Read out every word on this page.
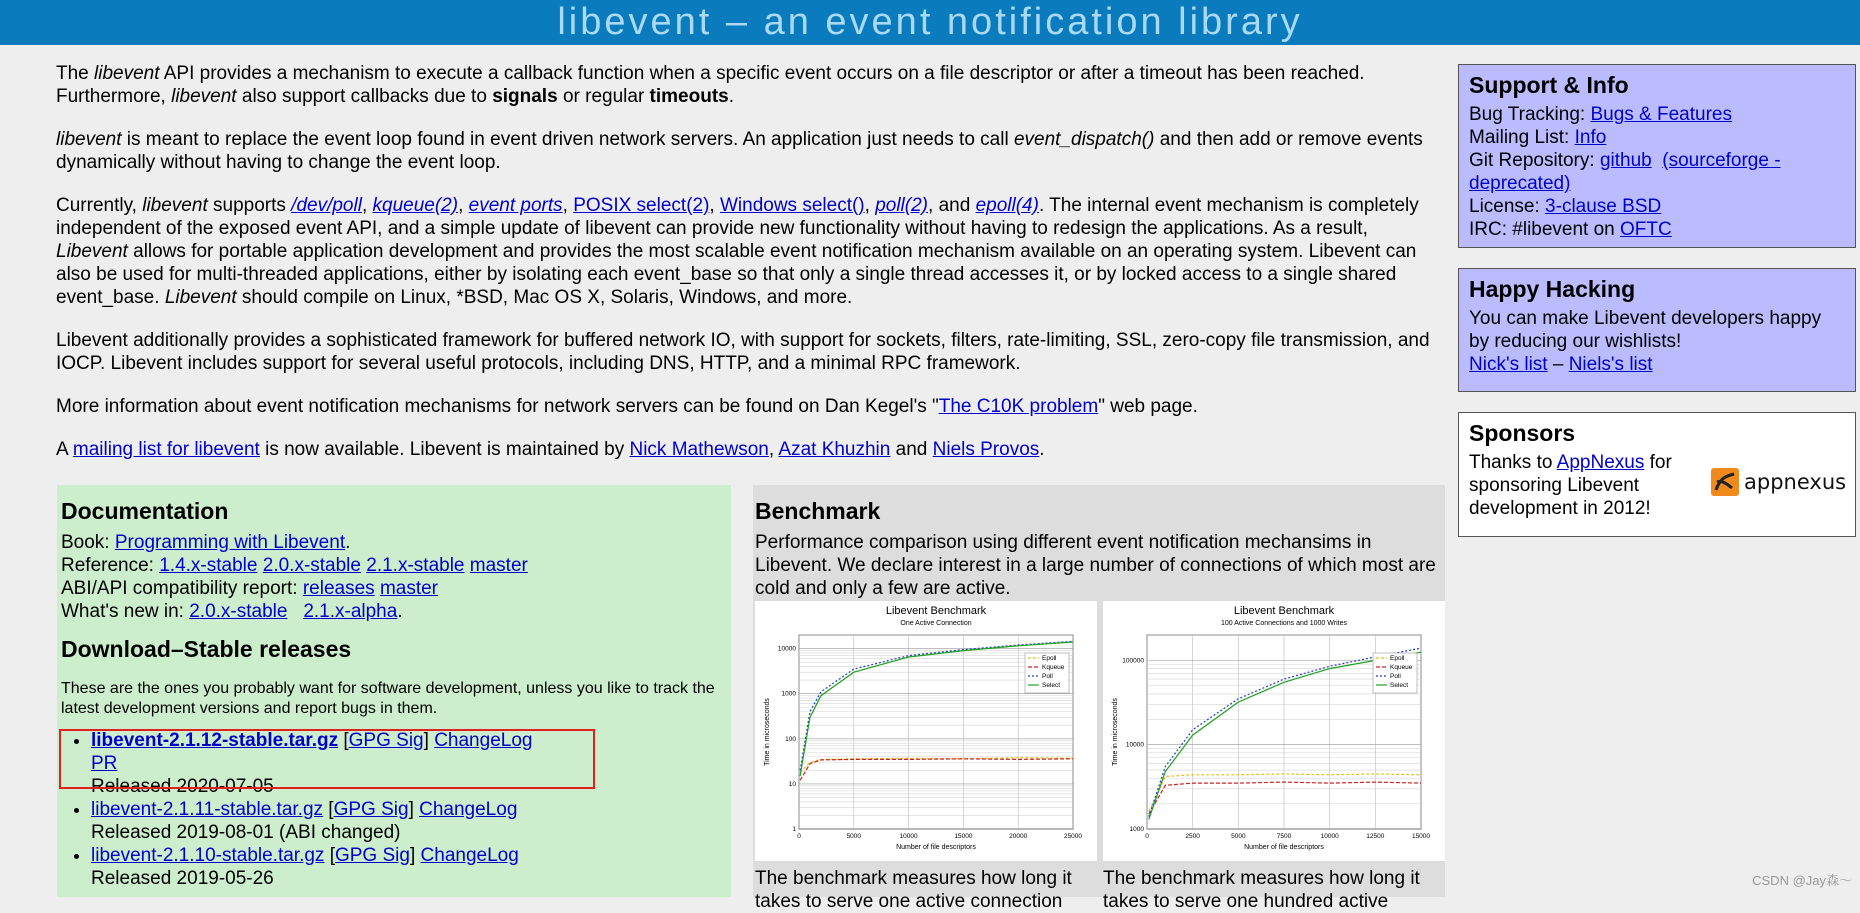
libevent – an event notification library

The libevent API provides a mechanism to execute a callback function when a specific event occurs on a file descriptor or after a timeout has been reached. Furthermore, libevent also support callbacks due to signals or regular timeouts.

libevent is meant to replace the event loop found in event driven network servers. An application just needs to call event_dispatch() and then add or remove events dynamically without having to change the event loop.

Currently, libevent supports /dev/poll, kqueue(2), event ports, POSIX select(2), Windows select(), poll(2), and epoll(4). The internal event mechanism is completely independent of the exposed event API, and a simple update of libevent can provide new functionality without having to redesign the applications. As a result, Libevent allows for portable application development and provides the most scalable event notification mechanism available on an operating system. Libevent can also be used for multi-threaded applications, either by isolating each event_base so that only a single thread accesses it, or by locked access to a single shared event_base. Libevent should compile on Linux, *BSD, Mac OS X, Solaris, Windows, and more.

Libevent additionally provides a sophisticated framework for buffered network IO, with support for sockets, filters, rate-limiting, SSL, zero-copy file transmission, and IOCP. Libevent includes support for several useful protocols, including DNS, HTTP, and a minimal RPC framework.

More information about event notification mechanisms for network servers can be found on Dan Kegel's "The C10K problem" web page.

A mailing list for libevent is now available. Libevent is maintained by Nick Mathewson, Azat Khuzhin and Niels Provos.

Support & Info
Bug Tracking: Bugs & Features
Mailing List: Info
Git Repository: github (sourceforge - deprecated)
License: 3-clause BSD
IRC: #libevent on OFTC
Happy Hacking
You can make Libevent developers happy by reducing our wishlists!
Nick's list – Niels's list
Sponsors
Thanks to AppNexus for sponsoring Libevent development in 2012!
appnexus
Documentation
Book: Programming with Libevent.
Reference: 1.4.x-stable 2.0.x-stable 2.1.x-stable master
ABI/API compatibility report: releases master
What's new in: 2.0.x-stable 2.1.x-alpha.
Download–Stable releases
These are the ones you probably want for software development, unless you like to track the latest development versions and report bugs in them.
• libevent-2.1.12-stable.tar.gz [GPG Sig] ChangeLog
PR
Released 2020-07-05
• libevent-2.1.11-stable.tar.gz [GPG Sig] ChangeLog
Released 2019-08-01 (ABI changed)
• libevent-2.1.10-stable.tar.gz [GPG Sig] ChangeLog
Released 2019-05-26
Benchmark
Performance comparison using different event notification mechansims in Libevent. We declare interest in a large number of connections of which most are cold and only a few are active.
Libevent Benchmark
One Active Connection
0	5000	10000	15000	20000	25000
1
10
100
1000
10000
Number of file descriptors
Time in microseconds
Epoll
Kqueue
Poll
Select
Libevent Benchmark
100 Active Connections and 1000 Writes
0	2500	5000	7500	10000	12500	15000
1000
10000
100000
Number of file descriptors
Time in microseconds
Epoll
Kqueue
Poll
Select
The benchmark measures how long it takes to serve one active connection
The benchmark measures how long it takes to serve one hundred active
CSDN @Jay森～
